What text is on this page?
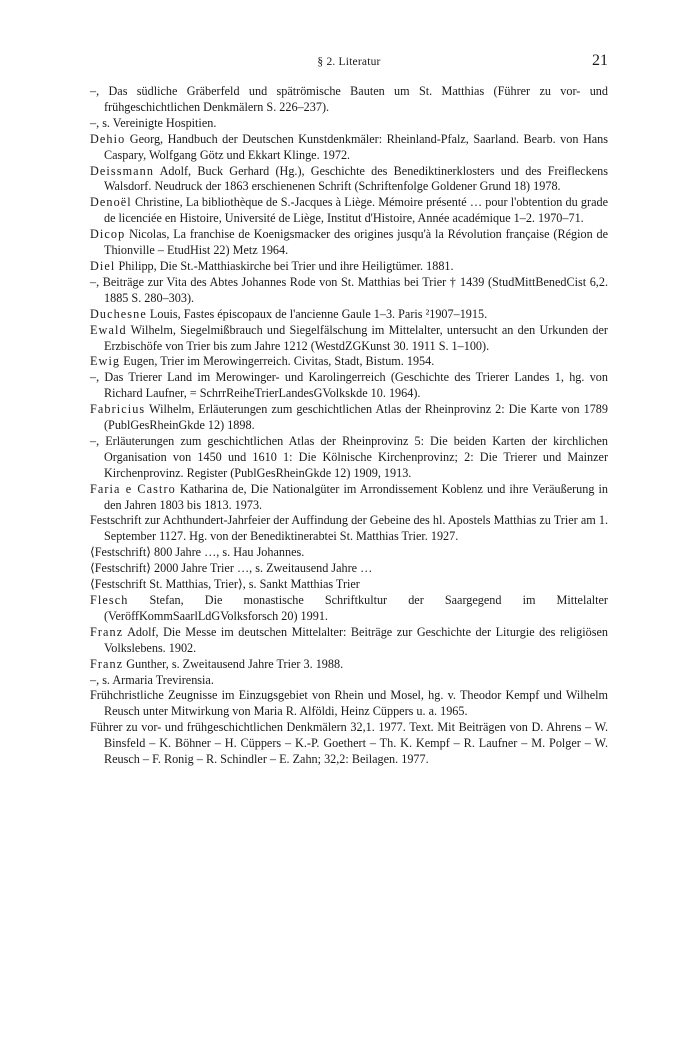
§ 2. Literatur	21

–, Das südliche Gräberfeld und spätrömische Bauten um St. Matthias (Führer zu vor- und frühgeschichtlichen Denkmälern S. 226–237).

–, s. Vereinigte Hospitien.

Dehio Georg, Handbuch der Deutschen Kunstdenkmäler: Rheinland-Pfalz, Saarland. Bearb. von Hans Caspary, Wolfgang Götz und Ekkart Klinge. 1972.

Deissmann Adolf, Buck Gerhard (Hg.), Geschichte des Benediktinerklosters und des Freifleckens Walsdorf. Neudruck der 1863 erschienenen Schrift (Schriftenfolge Goldener Grund 18) 1978.

Denoël Christine, La bibliothèque de S.-Jacques à Liège. Mémoire présenté … pour l'obtention du grade de licenciée en Histoire, Université de Liège, Institut d'Histoire, Année académique 1–2. 1970–71.

Dicop Nicolas, La franchise de Koenigsmacker des origines jusqu'à la Révolution française (Région de Thionville – EtudHist 22) Metz 1964.

Diel Philipp, Die St.-Matthiaskirche bei Trier und ihre Heiligtümer. 1881.

–, Beiträge zur Vita des Abtes Johannes Rode von St. Matthias bei Trier † 1439 (StudMittBenedCist 6,2. 1885 S. 280–303).

Duchesne Louis, Fastes épiscopaux de l'ancienne Gaule 1–3. Paris ²1907–1915.

Ewald Wilhelm, Siegelmißbrauch und Siegelfälschung im Mittelalter, untersucht an den Urkunden der Erzbischöfe von Trier bis zum Jahre 1212 (WestdZGKunst 30. 1911 S. 1–100).

Ewig Eugen, Trier im Merowingerreich. Civitas, Stadt, Bistum. 1954.

–, Das Trierer Land im Merowinger- und Karolingerreich (Geschichte des Trierer Landes 1, hg. von Richard Laufner, = SchrrReiheTrierLandesGVolkskde 10. 1964).

Fabricius Wilhelm, Erläuterungen zum geschichtlichen Atlas der Rheinprovinz 2: Die Karte von 1789 (PublGesRheinGkde 12) 1898.

–, Erläuterungen zum geschichtlichen Atlas der Rheinprovinz 5: Die beiden Karten der kirchlichen Organisation von 1450 und 1610 1: Die Kölnische Kirchenprovinz; 2: Die Trierer und Mainzer Kirchenprovinz. Register (PublGesRheinGkde 12) 1909, 1913.

Faria e Castro Katharina de, Die Nationalgüter im Arrondissement Koblenz und ihre Veräußerung in den Jahren 1803 bis 1813. 1973.

Festschrift zur Achthundert-Jahrfeier der Auffindung der Gebeine des hl. Apostels Matthias zu Trier am 1. September 1127. Hg. von der Benediktinerabtei St. Matthias Trier. 1927.

⟨Festschrift⟩ 800 Jahre …, s. Hau Johannes.

⟨Festschrift⟩ 2000 Jahre Trier …, s. Zweitausend Jahre …

⟨Festschrift St. Matthias, Trier⟩, s. Sankt Matthias Trier

Flesch Stefan, Die monastische Schriftkultur der Saargegend im Mittelalter (VeröffKommSaarlLdGVolksforsch 20) 1991.

Franz Adolf, Die Messe im deutschen Mittelalter: Beiträge zur Geschichte der Liturgie des religiösen Volkslebens. 1902.

Franz Gunther, s. Zweitausend Jahre Trier 3. 1988.

–, s. Armaria Trevirensia.

Frühchristliche Zeugnisse im Einzugsgebiet von Rhein und Mosel, hg. v. Theodor Kempf und Wilhelm Reusch unter Mitwirkung von Maria R. Alföldi, Heinz Cüppers u. a. 1965.

Führer zu vor- und frühgeschichtlichen Denkmälern 32,1. 1977. Text. Mit Beiträgen von D. Ahrens – W. Binsfeld – K. Böhner – H. Cüppers – K.-P. Goethert – Th. K. Kempf – R. Laufner – M. Polger – W. Reusch – F. Ronig – R. Schindler – E. Zahn; 32,2: Beilagen. 1977.
